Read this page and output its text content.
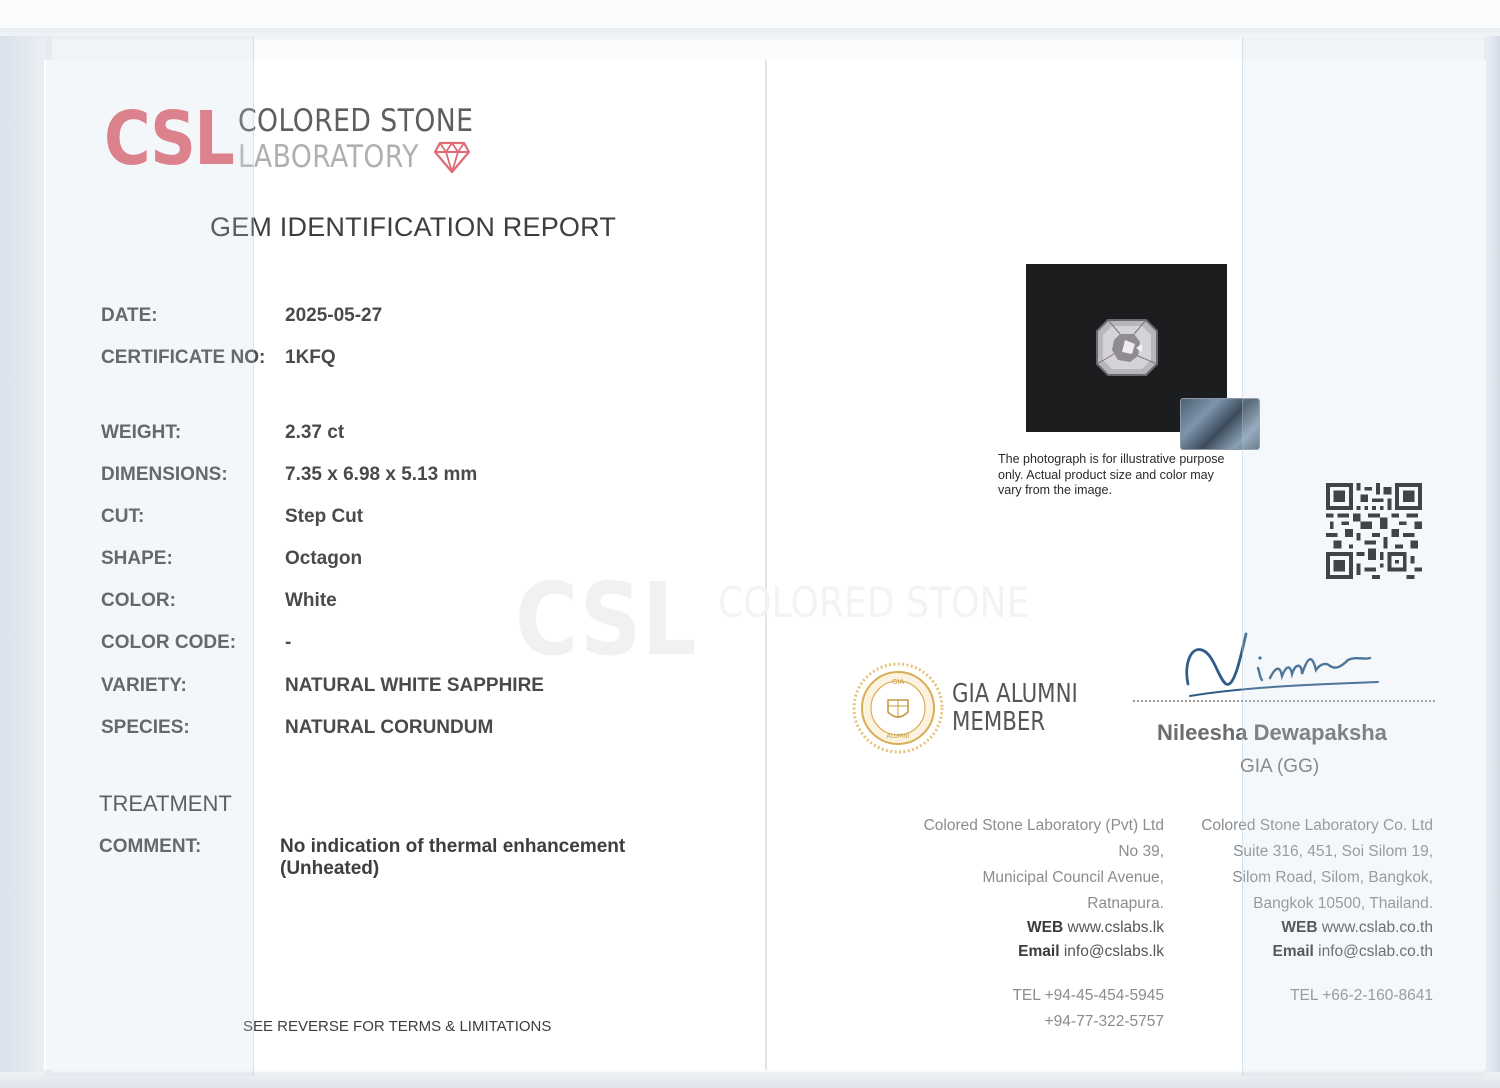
CSL COLORED STONE
CSL COLORED STONE
LABORATORY
GEM IDENTIFICATION REPORT
DATE:	2025-05-27
CERTIFICATE NO: 1KFQ
WEIGHT:	2.37 ct
DIMENSIONS:	7.35 x 6.98 x 5.13 mm
CUT:	Step Cut
SHAPE:	Octagon
COLOR:	White
COLOR CODE:	-
VARIETY:	NATURAL WHITE SAPPHIRE
SPECIES:	NATURAL CORUNDUM
TREATMENT
COMMENT:	No indication of thermal enhancement
(Unheated)
SEE REVERSE FOR TERMS & LIMITATIONS
The photograph is for illustrative purpose
only. Actual product size and color may
vary from the image.
GIA
ALUMNI
GIA ALUMNI
MEMBER	Nileesha Dewapaksha
GIA (GG)
Colored Stone Laboratory (Pvt) Ltd
No 39,
Municipal Council Avenue,
Ratnapura.
WEB www.cslabs.lk
Email info@cslabs.lk
TEL +94-45-454-5945
+94-77-322-5757
Colored Stone Laboratory Co. Ltd
Suite 316, 451, Soi Silom 19,
Silom Road, Silom, Bangkok,
Bangkok 10500, Thailand.
WEB www.cslab.co.th
Email info@cslab.co.th
TEL +66-2-160-8641
